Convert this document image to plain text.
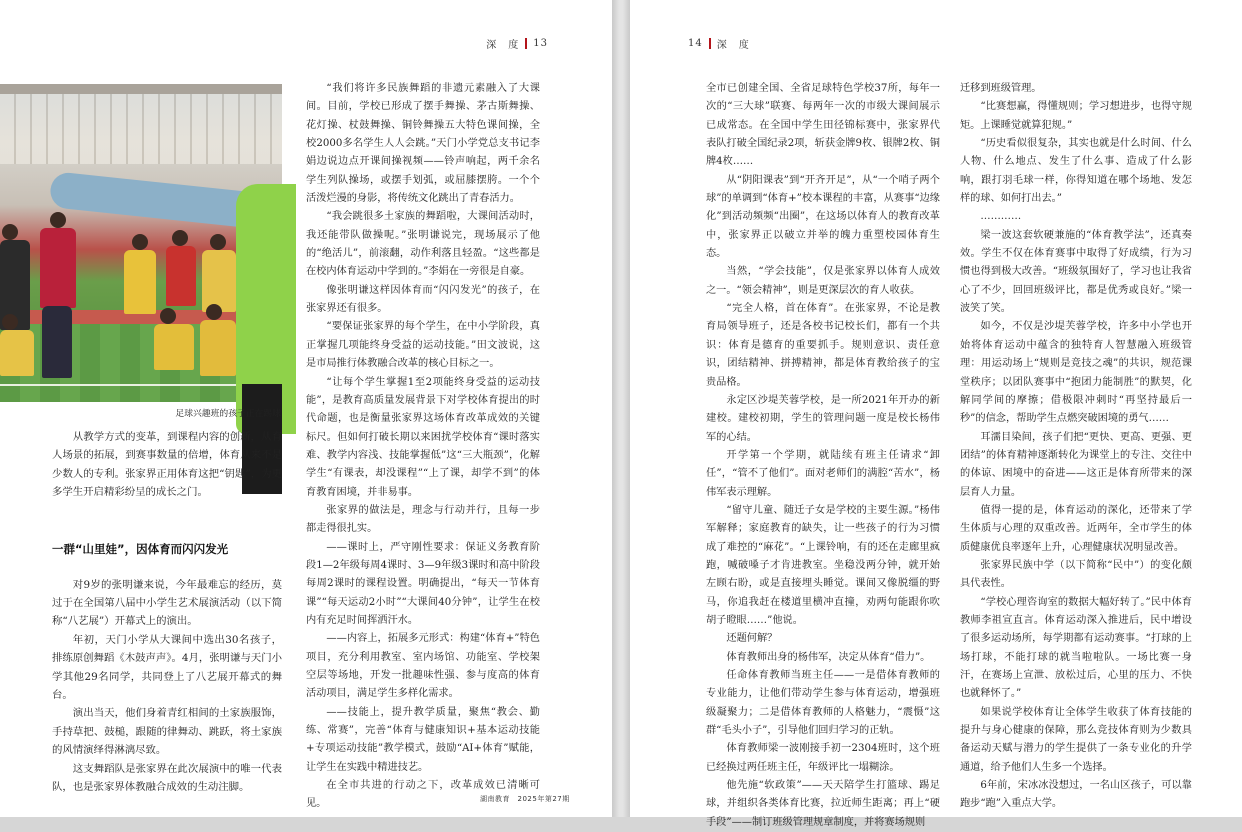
深　度 13
足球兴趣班的孩子正在踢球

从教学方式的变革，到课程内容的创新，从育人场景的拓展，到赛事数量的倍增，体育从来不是少数人的专利。张家界正用体育这把“钥匙”，为更多学生开启精彩纷呈的成长之门。

一群“山里娃”，因体育而闪闪发光

对9岁的张明谦来说，今年最难忘的经历，莫过于在全国第八届中小学生艺术展演活动（以下简称“八艺展”）开幕式上的演出。

年初，天门小学从大课间中选出30名孩子，排练原创舞蹈《木鼓声声》。4月，张明谦与天门小学其他29名同学，共同登上了八艺展开幕式的舞台。

演出当天，他们身着青红相间的土家族服饰，手持草把、鼓槌，跟随的律舞动、跳跃，将土家族的风情演绎得淋漓尽致。

这支舞蹈队是张家界在此次展演中的唯一代表队，也是张家界体教融合成效的生动注脚。

“我们将许多民族舞蹈的非遗元素融入了大课间。目前，学校已形成了摆手舞操、茅古斯舞操、花灯操、杖鼓舞操、铜铃舞操五大特色课间操，全校2000多名学生人人会跳。”天门小学党总支书记李娟边说边点开课间操视频——铃声响起，两千余名学生列队操场，或摆手划弧，或屈膝摆胯。一个个活泼烂漫的身影，将传统文化跳出了青春活力。

“我会跳很多土家族的舞蹈啦，大课间活动时，我还能带队做操呢。”张明谦说完，现场展示了他的“绝活儿”，前滚翻，动作利落且轻盈。“这些都是在校内体育运动中学到的。”李娟在一旁很是自豪。

像张明谦这样因体育而“闪闪发光”的孩子，在张家界还有很多。

“要保证张家界的每个学生，在中小学阶段，真正掌握几项能终身受益的运动技能。”田文波说，这是市局推行体教融合改革的核心目标之一。

“让每个学生掌握1至2项能终身受益的运动技能”，是教育高质量发展背景下对学校体育提出的时代命题，也是衡量张家界这场体育改革成效的关键标尺。但如何打破长期以来困扰学校体育“课时落实难、教学内容浅、技能掌握低”这“三大瓶颈”，化解学生“有课表，却没课程”“上了课，却学不到”的体育教育困境，并非易事。

张家界的做法是，理念与行动并行，且每一步都走得很扎实。

——课时上，严守刚性要求：保证义务教育阶段1—2年级每周4课时、3—9年级3课时和高中阶段每周2课时的课程设置。明确提出，“每天一节体育课”“每天运动2小时”“大课间40分钟”，让学生在校内有充足时间挥洒汗水。

——内容上，拓展多元形式：构建“体育+”特色项目，充分利用教室、室内场馆、功能室、学校架空层等场地，开发一批趣味性强、参与度高的体育活动项目，满足学生多样化需求。

——技能上，提升教学质量，聚焦“教会、勤练、常赛”，完善“体育与健康知识+基本运动技能+专项运动技能”教学模式，鼓励“AI+体育”赋能，让学生在实践中精进技艺。

在全市共进的行动之下，改革成效已清晰可见。

14 深　度

全市已创建全国、全省足球特色学校37所，每年一次的“三大球”联赛、每两年一次的市级大课间展示已成常态。在全国中学生田径锦标赛中，张家界代表队打破全国纪录2项，斩获金牌9枚、银牌2枚、铜牌4枚……

从“阴阳课表”到“开齐开足”，从“一个哨子两个球”的单调到“体育+”校本课程的丰富，从赛事“边缘化”到活动频频“出圈”，在这场以体育人的教育改革中，张家界正以破立并举的魄力重塑校园体育生态。

当然，“学会技能”，仅是张家界以体育人成效之一。“领会精神”，则是更深层次的育人收获。

“完全人格，首在体育”。在张家界，不论是教育局领导班子，还是各校书记校长们，都有一个共识：体育是德育的重要抓手。规则意识、责任意识，团结精神、拼搏精神，都是体育教给孩子的宝贵品格。

永定区沙堤芙蓉学校，是一所2021年开办的新建校。建校初期，学生的管理问题一度是校长杨伟军的心结。

开学第一个学期，就陆续有班主任请求“卸任”，“管不了他们”。面对老师们的满腔“苦水”，杨伟军表示理解。

“留守儿童、随迁子女是学校的主要生源。”杨伟军解释；家庭教育的缺失，让一些孩子的行为习惯成了难控的“麻花”。“上课铃响，有的还在走廊里疯跑，喊破嗓子才肯进教室。坐稳没两分钟，就开始左顾右盼，或是直接埋头睡觉。课间又像脱缰的野马，你追我赶在楼道里横冲直撞，劝两句能跟你吹胡子瞪眼……”他说。

还题何解？

体育教师出身的杨伟军，决定从体育“借力”。

任命体育教师当班主任——一是借体育教师的专业能力，让他们带动学生参与体育运动，增强班级凝聚力；二是借体育教师的人格魅力，“震慑”这群“毛头小子”，引导他们回归学习的正轨。

体育教师梁一波刚接手初一2304班时，这个班已经换过两任班主任，年级评比一塌糊涂。

他先施“软政策”——天天陪学生打篮球、踢足球，并组织各类体育比赛，拉近师生距离；再上“硬手段”——制订班级管理规章制度，并将赛场规则

迁移到班级管理。

“比赛想赢，得懂规则；学习想进步，也得守规矩。上课睡觉就算犯规。”

“历史看似很复杂，其实也就是什么时间、什么人物、什么地点、发生了什么事、造成了什么影响，跟打羽毛球一样，你得知道在哪个场地、发怎样的球、如何打出去。”

…………

梁一波这套软硬兼施的“体育教学法”，还真奏效。学生不仅在体育赛事中取得了好成绩，行为习惯也得到极大改善。“班级氛围好了，学习也让我省心了不少，回回班级评比，都是优秀或良好。”梁一波笑了笑。

如今，不仅是沙堤芙蓉学校，许多中小学也开始将体育运动中蕴含的独特育人智慧融入班级管理：用运动场上“规则是竞技之魂”的共识，规范课堂秩序；以团队赛事中“抱团力能制胜”的默契，化解同学间的摩擦；借极限冲刺时“再坚持最后一秒”的信念，帮助学生点燃突破困境的勇气……

耳濡目染间，孩子们把“更快、更高、更强、更团结”的体育精神逐渐转化为课堂上的专注、交往中的体谅、困境中的奋进——这正是体育所带来的深层育人力量。

值得一提的是，体育运动的深化，还带来了学生体质与心理的双重改善。近两年，全市学生的体质健康优良率逐年上升，心理健康状况明显改善。

张家界民族中学（以下简称“民中”）的变化颇具代表性。

“学校心理咨询室的数据大幅好转了。”民中体育教师李祖宣直言。体育运动深入推进后，民中增设了很多运动场所，每学期都有运动赛事。“打球的上场打球，不能打球的就当啦啦队。一场比赛一身汗，在赛场上宣泄、放松过后，心里的压力、不快也就释怀了。”

如果说学校体育让全体学生收获了体育技能的提升与身心健康的保障，那么竞技体育则为少数具备运动天赋与潜力的学生提供了一条专业化的升学通道，给予他们人生多一个选择。

6年前，宋冰冰没想过，一名山区孩子，可以靠跑步“跑”入重点大学。

湖南教育　2025年第27期
